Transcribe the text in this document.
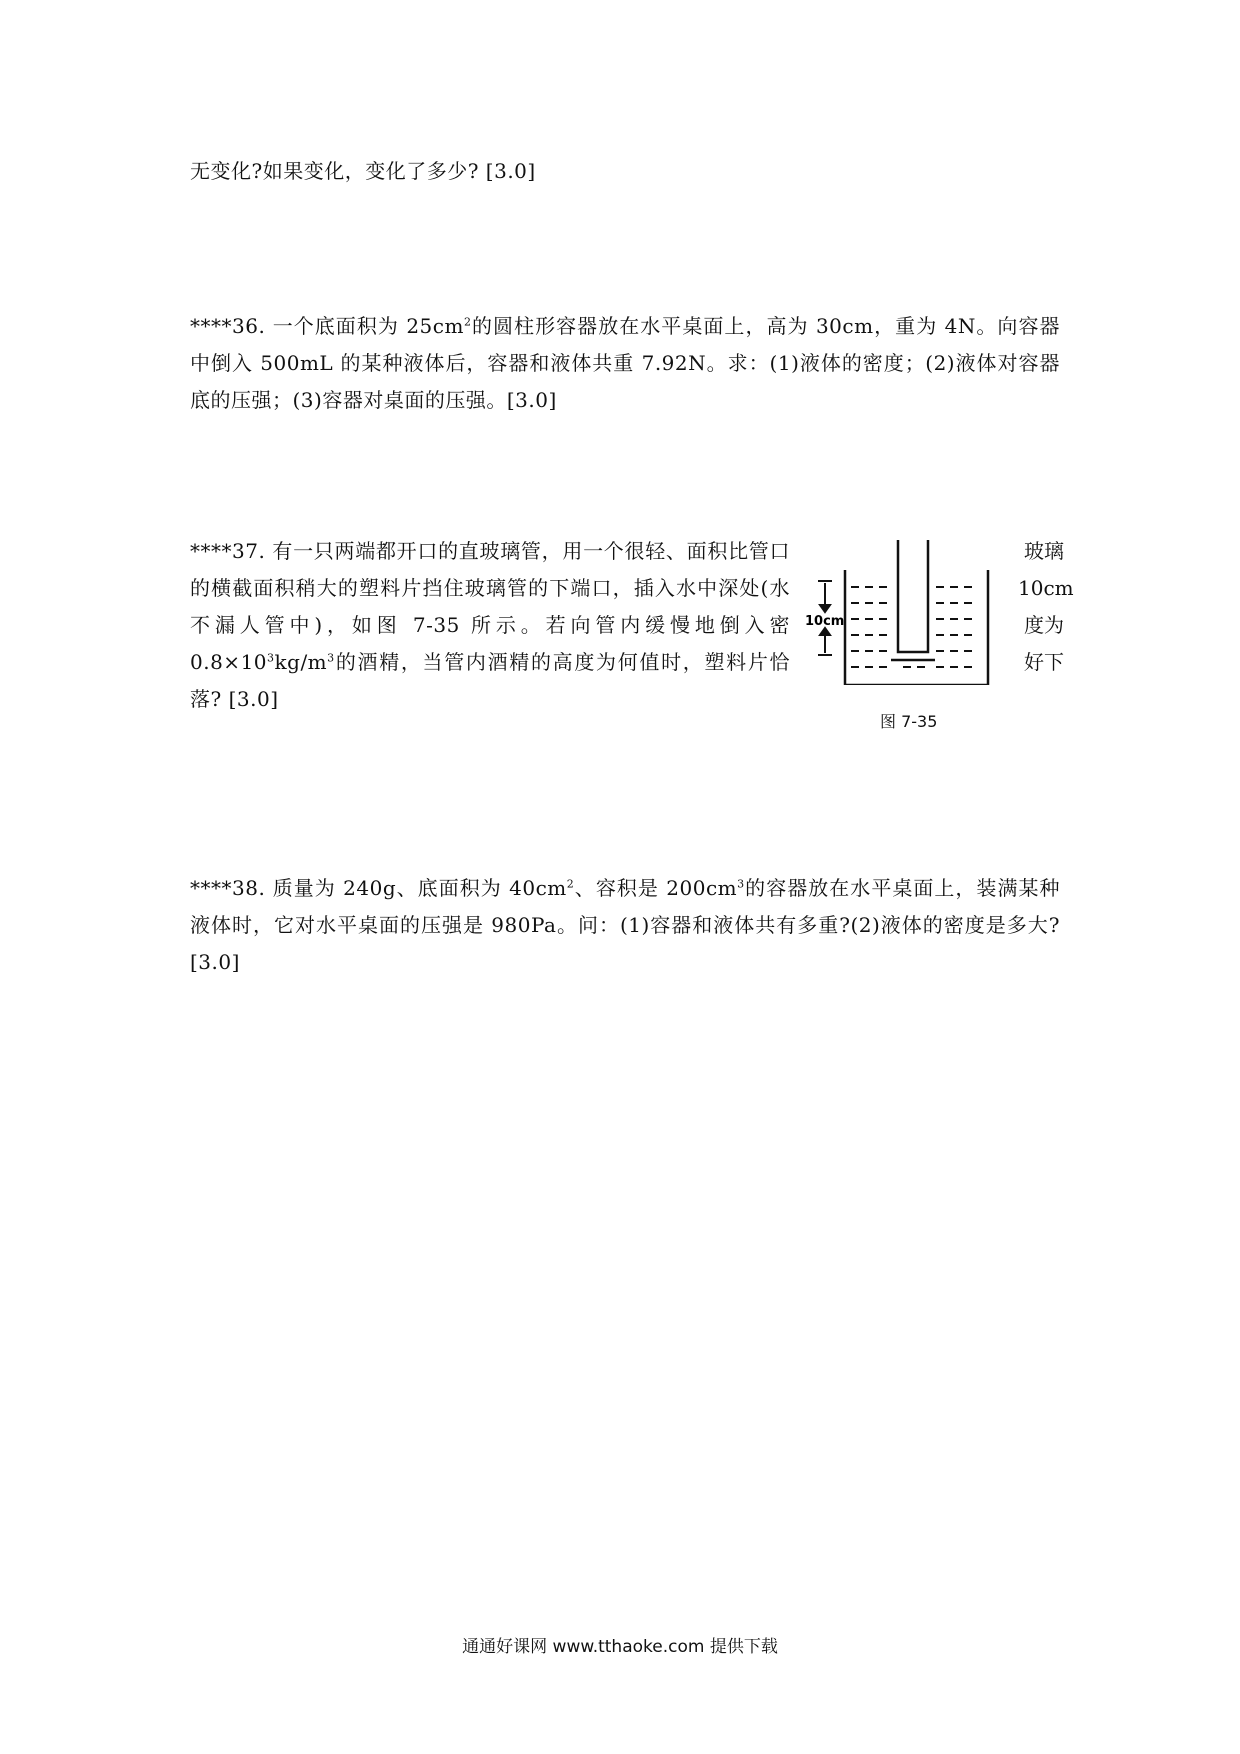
无变化?如果变化，变化了多少? [3.0]
****36. 一个底面积为 $25cm^2$的圆柱形容器放在水平桌面上，高为 30cm，重为 4N。向容器中倒入 500mL 的某种液体后，容器和液体共重 7.92N。求：(1)液体的密度；(2)液体对容器底的压强；(3)容器对桌面的压强。[3.0]
****37. 有一只两端都开口的直玻璃管，用一个很轻、面积比管口的横截面积稍大的塑料片挡住玻璃管的下端口，插入水中深处(水不漏人管中)，如图 7-35 所示。若向管内缓慢地倒入密 $0.8\times 10^3kg/m^3$的酒精，当管内酒精的高度为何值时，塑料片恰落? [3.0]
玻璃
10cm
度为
好下
10cm
图 7-35
****38. 质量为 240g、底面积为 $40cm^2$、容积是 $200cm^3$的容器放在水平桌面上，装满某种液体时，它对水平桌面的压强是 980Pa。问：(1)容器和液体共有多重?(2)液体的密度是多大? [3.0]
通通好课网 www.tthaoke.com 提供下载
